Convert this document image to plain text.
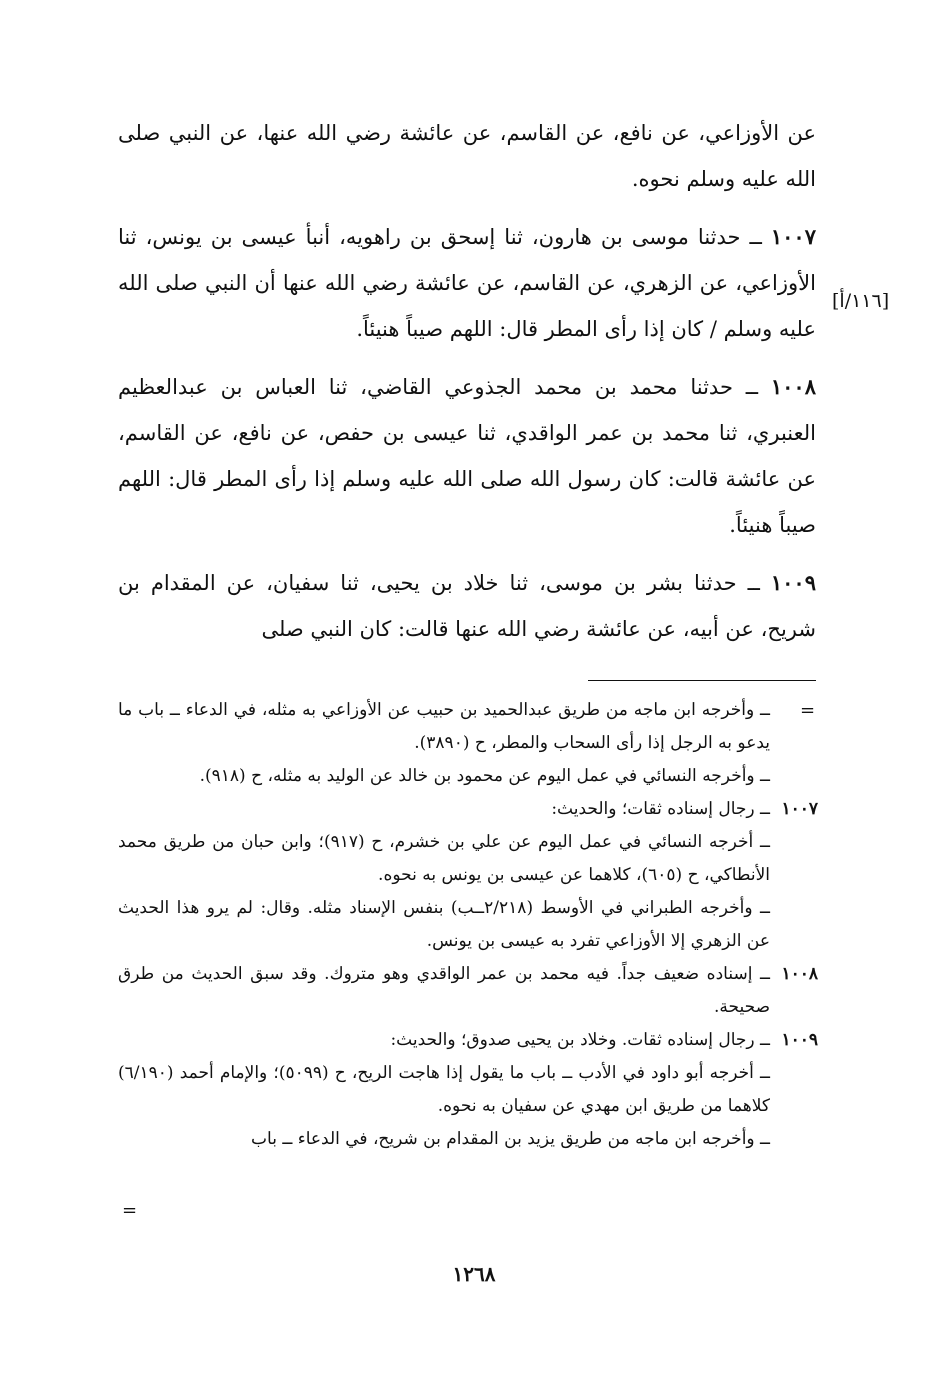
عن الأوزاعي، عن نافع، عن القاسم، عن عائشة رضي الله عنها، عن النبي صلى الله عليه وسلم نحوه.

١٠٠٧ ــ حدثنا موسى بن هارون، ثنا إسحق بن راهويه، أنبأ عيسى بن يونس، ثنا الأوزاعي، عن الزهري، عن القاسم، عن عائشة رضي الله عنها أن النبي صلى الله عليه وسلم / كان إذا رأى المطر قال: اللهم صيباً هنيئاً.

١٠٠٨ ــ حدثنا محمد بن محمد الجذوعي القاضي، ثنا العباس بن عبدالعظيم العنبري، ثنا محمد بن عمر الواقدي، ثنا عيسى بن حفص، عن نافع، عن القاسم، عن عائشة قالت: كان رسول الله صلى الله عليه وسلم إذا رأى المطر قال: اللهم صيباً هنيئاً.

١٠٠٩ ــ حدثنا بشر بن موسى، ثنا خلاد بن يحيى، ثنا سفيان، عن المقدام بن شريح، عن أبيه، عن عائشة رضي الله عنها قالت: كان النبي صلى

[١١٦/أ]
=

ــ وأخرجه ابن ماجه من طريق عبدالحميد بن حبيب عن الأوزاعي به مثله، في الدعاء ــ باب ما يدعو به الرجل إذا رأى السحاب والمطر، ح (٣٨٩٠).

ــ وأخرجه النسائي في عمل اليوم عن محمود بن خالد عن الوليد به مثله، ح (٩١٨).

١٠٠٧

ــ رجال إسناده ثقات؛ والحديث:

ــ أخرجه النسائي في عمل اليوم عن علي بن خشرم، ح (٩١٧)؛ وابن حبان من طريق محمد الأنطاكي، ح (٦٠٥)، كلاهما عن عيسى بن يونس به نحوه.

ــ وأخرجه الطبراني في الأوسط (٢/٢١٨ــب) بنفس الإسناد مثله. وقال: لم يرو هذا الحديث عن الزهري إلا الأوزاعي تفرد به عيسى بن يونس.

١٠٠٨

ــ إسناده ضعيف جداً. فيه محمد بن عمر الواقدي وهو متروك. وقد سبق الحديث من طرق صحيحة.

١٠٠٩

ــ رجال إسناده ثقات. وخلاد بن يحيى صدوق؛ والحديث:

ــ أخرجه أبو داود في الأدب ــ باب ما يقول إذا هاجت الريح، ح (٥٠٩٩)؛ والإمام أحمد (٦/١٩٠) كلاهما من طريق ابن مهدي عن سفيان به نحوه.

ــ وأخرجه ابن ماجه من طريق يزيد بن المقدام بن شريح، في الدعاء ــ باب

=
١٢٦٨
